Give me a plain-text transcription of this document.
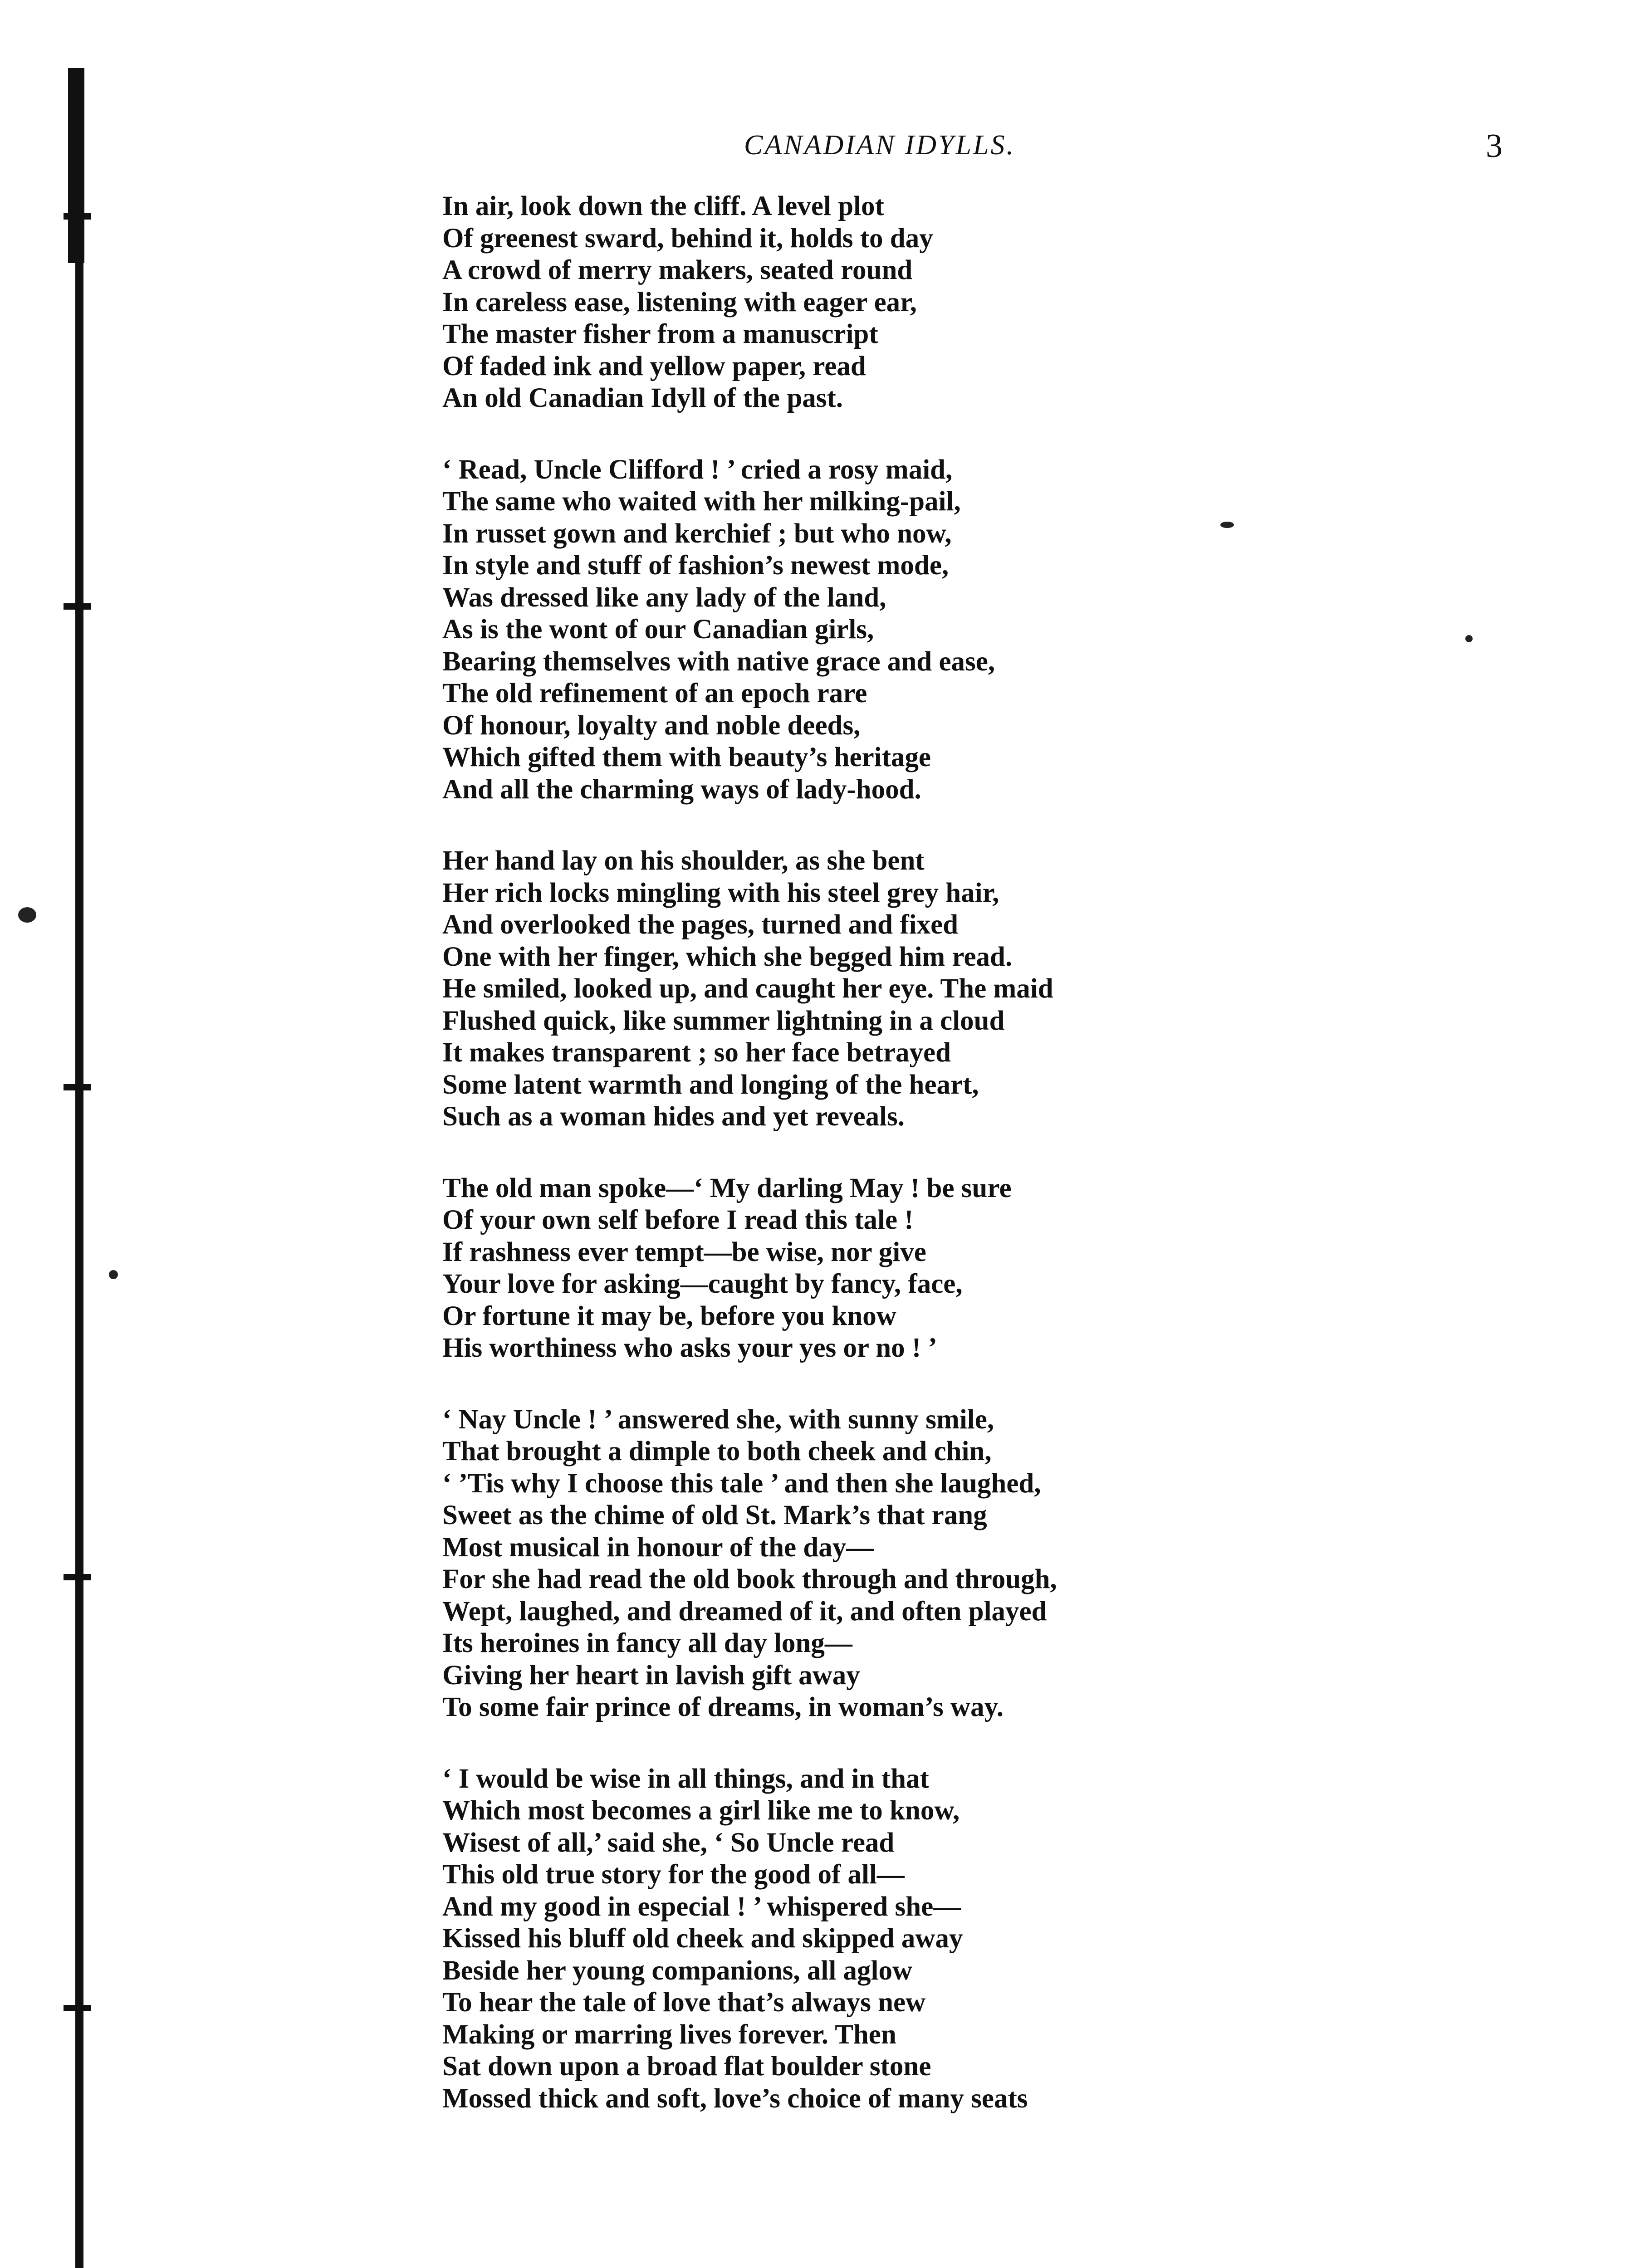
CANADIAN IDYLLS.	3
In air, look down the cliff. A level plot
Of greenest sward, behind it, holds to day
A crowd of merry makers, seated round
In careless ease, listening with eager ear,
The master fisher from a manuscript
Of faded ink and yellow paper, read
An old Canadian Idyll of the past.
‘ Read, Uncle Clifford ! ’ cried a rosy maid,
The same who waited with her milking-pail,
In russet gown and kerchief ; but who now,
In style and stuff of fashion’s newest mode,
Was dressed like any lady of the land,
As is the wont of our Canadian girls,
Bearing themselves with native grace and ease,
The old refinement of an epoch rare
Of honour, loyalty and noble deeds,
Which gifted them with beauty’s heritage
And all the charming ways of lady-hood.
Her hand lay on his shoulder, as she bent
Her rich locks mingling with his steel grey hair,
And overlooked the pages, turned and fixed
One with her finger, which she begged him read.
He smiled, looked up, and caught her eye. The maid
Flushed quick, like summer lightning in a cloud
It makes transparent ; so her face betrayed
Some latent warmth and longing of the heart,
Such as a woman hides and yet reveals.
The old man spoke—‘ My darling May ! be sure
Of your own self before I read this tale !
If rashness ever tempt—be wise, nor give
Your love for asking—caught by fancy, face,
Or fortune it may be, before you know
His worthiness who asks your yes or no ! ’
‘ Nay Uncle ! ’ answered she, with sunny smile,
That brought a dimple to both cheek and chin,
‘ ’Tis why I choose this tale ’ and then she laughed,
Sweet as the chime of old St. Mark’s that rang
Most musical in honour of the day—
For she had read the old book through and through,
Wept, laughed, and dreamed of it, and often played
Its heroines in fancy all day long—
Giving her heart in lavish gift away
To some fair prince of dreams, in woman’s way.
‘ I would be wise in all things, and in that
Which most becomes a girl like me to know,
Wisest of all,’ said she, ‘ So Uncle read
This old true story for the good of all—
And my good in especial ! ’ whispered she—
Kissed his bluff old cheek and skipped away
Beside her young companions, all aglow
To hear the tale of love that’s always new
Making or marring lives forever. Then
Sat down upon a broad flat boulder stone
Mossed thick and soft, love’s choice of many seats
